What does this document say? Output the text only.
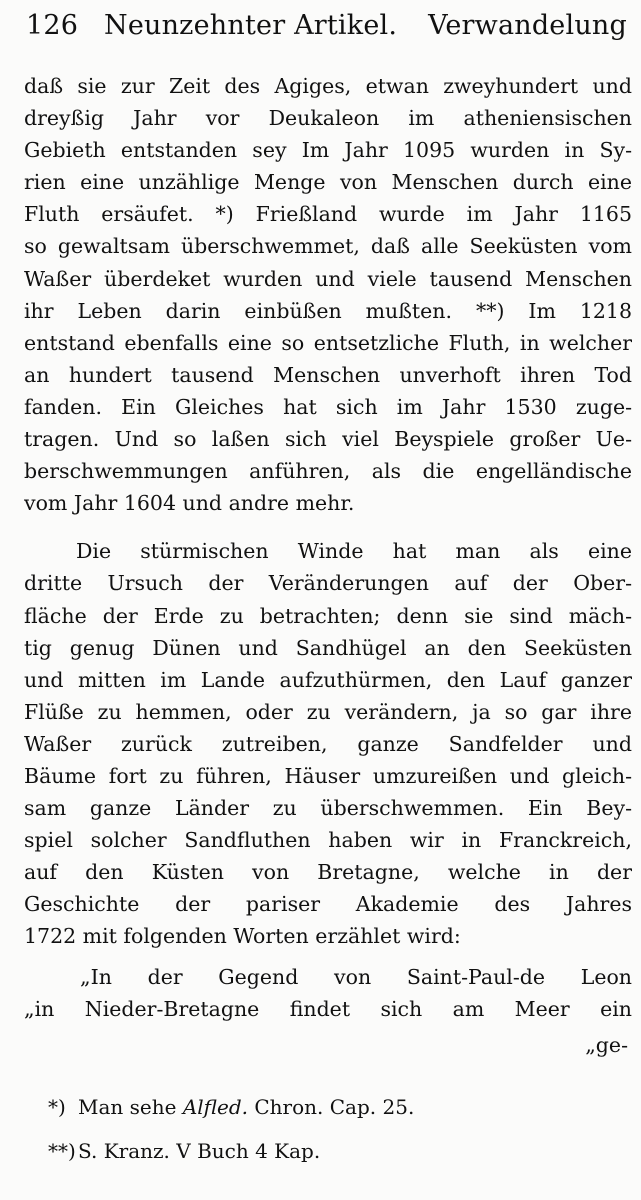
126 Neunzehnter Artikel.	Verwandelung
daß sie zur Zeit des Agiges, etwan zweyhundert und
dreyßig Jahr vor Deukaleon im atheniensischen
Gebieth entstanden sey Im Jahr 1095 wurden in Sy-
rien eine unzählige Menge von Menschen durch eine
Fluth ersäufet. *) Frießland wurde im Jahr 1165
so gewaltsam überschwemmet, daß alle Seeküsten vom
Waßer überdeket wurden und viele tausend Menschen
ihr Leben darin einbüßen mußten. **) Im 1218
entstand ebenfalls eine so entsetzliche Fluth, in welcher
an hundert tausend Menschen unverhoft ihren Tod
fanden. Ein Gleiches hat sich im Jahr 1530 zuge-
tragen. Und so laßen sich viel Beyspiele großer Ue-
berschwemmungen anführen, als die engelländische
vom Jahr 1604 und andre mehr.
Die stürmischen Winde hat man als eine
dritte Ursuch der Veränderungen auf der Ober-
fläche der Erde zu betrachten; denn sie sind mäch-
tig genug Dünen und Sandhügel an den Seeküsten
und mitten im Lande aufzuthürmen, den Lauf ganzer
Flüße zu hemmen, oder zu verändern, ja so gar ihre
Waßer zurück zutreiben, ganze Sandfelder und
Bäume fort zu führen, Häuser umzureißen und gleich-
sam ganze Länder zu überschwemmen. Ein Bey-
spiel solcher Sandfluthen haben wir in Franckreich,
auf den Küsten von Bretagne, welche in der
Geschichte der pariser Akademie des Jahres
1722 mit folgenden Worten erzählet wird:
„In der Gegend von Saint-Paul-de Leon
„in Nieder-Bretagne findet sich am Meer ein
„ge-
*) Man sehe Alfled. Chron. Cap. 25.
**) S. Kranz. V Buch 4 Kap.
